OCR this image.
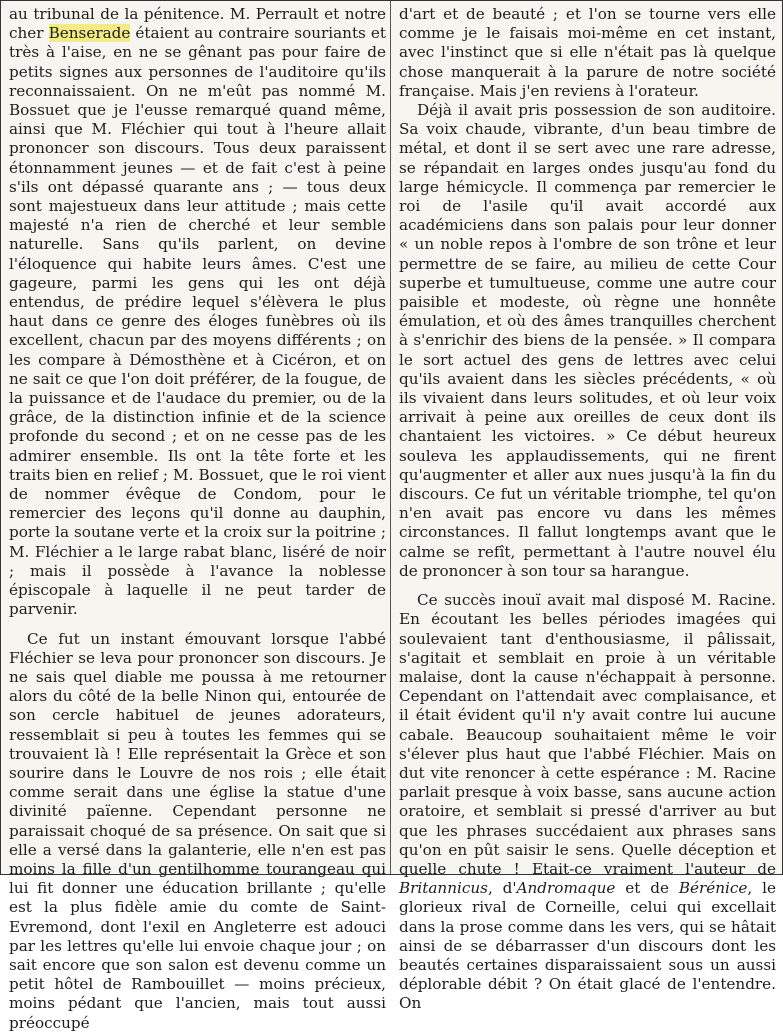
au tribunal de la pénitence. M. Perrault et notre cher Benserade étaient au contraire souriants et très à l'aise, en ne se gênant pas pour faire de petits signes aux personnes de l'auditoire qu'ils reconnaissaient. On ne m'eût pas nommé M. Bossuet que je l'eusse remarqué quand même, ainsi que M. Fléchier qui tout à l'heure allait prononcer son discours. Tous deux paraissent étonnamment jeunes — et de fait c'est à peine s'ils ont dépassé quarante ans ; — tous deux sont majestueux dans leur attitude ; mais cette majesté n'a rien de cherché et leur semble naturelle. Sans qu'ils parlent, on devine l'éloquence qui habite leurs âmes. C'est une gageure, parmi les gens qui les ont déjà entendus, de prédire lequel s'élèvera le plus haut dans ce genre des éloges funèbres où ils excellent, chacun par des moyens différents ; on les compare à Démosthène et à Cicéron, et on ne sait ce que l'on doit préférer, de la fougue, de la puissance et de l'audace du premier, ou de la grâce, de la distinction infinie et de la science profonde du second ; et on ne cesse pas de les admirer ensemble. Ils ont la tête forte et les traits bien en relief ; M. Bossuet, que le roi vient de nommer évêque de Condom, pour le remercier des leçons qu'il donne au dauphin, porte la soutane verte et la croix sur la poitrine ; M. Fléchier a le large rabat blanc, liséré de noir ; mais il possède à l'avance la noblesse épiscopale à laquelle il ne peut tarder de parvenir.

Ce fut un instant émouvant lorsque l'abbé Fléchier se leva pour prononcer son discours. Je ne sais quel diable me poussa à me retourner alors du côté de la belle Ninon qui, entourée de son cercle habituel de jeunes adorateurs, ressemblait si peu à toutes les femmes qui se trouvaient là ! Elle représentait la Grèce et son sourire dans le Louvre de nos rois ; elle était comme serait dans une église la statue d'une divinité païenne. Cependant personne ne paraissait choqué de sa présence. On sait que si elle a versé dans la galanterie, elle n'en est pas moins la fille d'un gentilhomme tourangeau qui lui fit donner une éducation brillante ; qu'elle est la plus fidèle amie du comte de Saint-Evremond, dont l'exil en Angleterre est adouci par les lettres qu'elle lui envoie chaque jour ; on sait encore que son salon est devenu comme un petit hôtel de Rambouillet — moins précieux, moins pédant que l'ancien, mais tout aussi préoccupé

d'art et de beauté ; et l'on se tourne vers elle comme je le faisais moi-même en cet instant, avec l'instinct que si elle n'était pas là quelque chose manquerait à la parure de notre société française. Mais j'en reviens à l'orateur.

Déjà il avait pris possession de son auditoire. Sa voix chaude, vibrante, d'un beau timbre de métal, et dont il se sert avec une rare adresse, se répandait en larges ondes jusqu'au fond du large hémicycle. Il commença par remercier le roi de l'asile qu'il avait accordé aux académiciens dans son palais pour leur donner « un noble repos à l'ombre de son trône et leur permettre de se faire, au milieu de cette Cour superbe et tumultueuse, comme une autre cour paisible et modeste, où règne une honnête émulation, et où des âmes tranquilles cherchent à s'enrichir des biens de la pensée. » Il compara le sort actuel des gens de lettres avec celui qu'ils avaient dans les siècles précédents, « où ils vivaient dans leurs solitudes, et où leur voix arrivait à peine aux oreilles de ceux dont ils chantaient les victoires. » Ce début heureux souleva les applaudissements, qui ne firent qu'augmenter et aller aux nues jusqu'à la fin du discours. Ce fut un véritable triomphe, tel qu'on n'en avait pas encore vu dans les mêmes circonstances. Il fallut longtemps avant que le calme se refît, permettant à l'autre nouvel élu de prononcer à son tour sa harangue.

Ce succès inouï avait mal disposé M. Racine. En écoutant les belles périodes imagées qui soulevaient tant d'enthousiasme, il pâlissait, s'agitait et semblait en proie à un véritable malaise, dont la cause n'échappait à personne. Cependant on l'attendait avec complaisance, et il était évident qu'il n'y avait contre lui aucune cabale. Beaucoup souhaitaient même le voir s'élever plus haut que l'abbé Fléchier. Mais on dut vite renoncer à cette espérance : M. Racine parlait presque à voix basse, sans aucune action oratoire, et semblait si pressé d'arriver au but que les phrases succédaient aux phrases sans qu'on en pût saisir le sens. Quelle déception et quelle chute ! Etait-ce vraiment l'auteur de Britannicus, d'Andromaque et de Bérénice, le glorieux rival de Corneille, celui qui excellait dans la prose comme dans les vers, qui se hâtait ainsi de se débarrasser d'un discours dont les beautés certaines disparaissaient sous un aussi déplorable débit ? On était glacé de l'entendre. On
